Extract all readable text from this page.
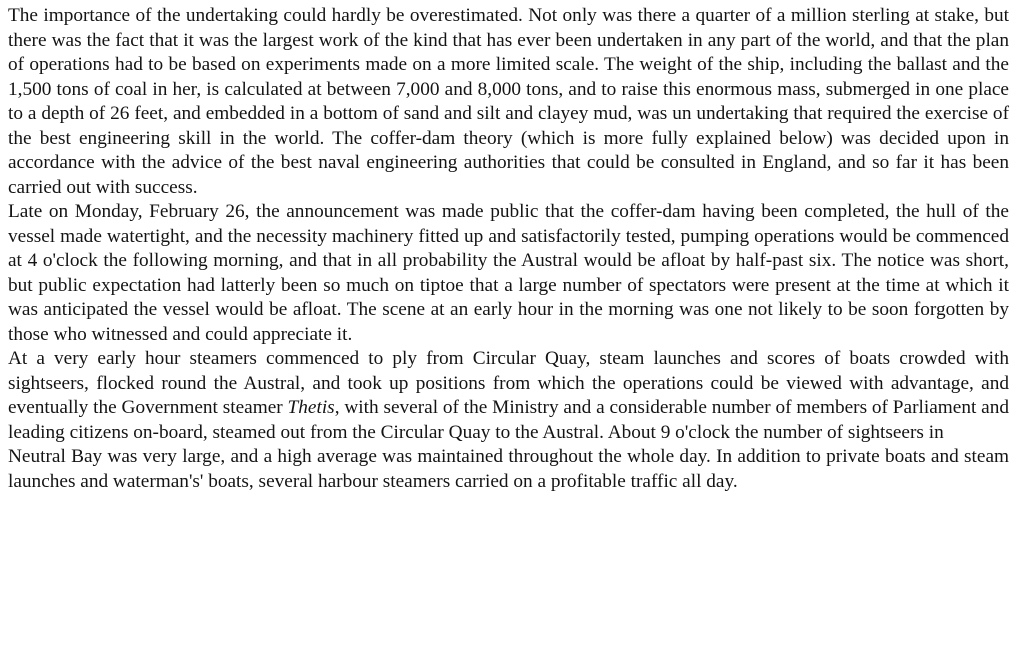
The importance of the undertaking could hardly be overestimated. Not only was there a quarter of a million sterling at stake, but there was the fact that it was the largest work of the kind that has ever been undertaken in any part of the world, and that the plan of operations had to be based on experiments made on a more limited scale. The weight of the ship, including the ballast and the 1,500 tons of coal in her, is calculated at between 7,000 and 8,000 tons, and to raise this enormous mass, submerged in one place to a depth of 26 feet, and embedded in a bottom of sand and silt and clayey mud, was un undertaking that required the exercise of the best engineering skill in the world. The coffer-dam theory (which is more fully explained below) was decided upon in accordance with the advice of the best naval engineering authorities that could be consulted in England, and so far it has been carried out with success.

Late on Monday, February 26, the announcement was made public that the coffer-dam having been completed, the hull of the vessel made watertight, and the necessity machinery fitted up and satisfactorily tested, pumping operations would be commenced at 4 o'clock the following morning, and that in all probability the Austral would be afloat by half-past six. The notice was short, but public expectation had latterly been so much on tiptoe that a large number of spectators were present at the time at which it was anticipated the vessel would be afloat. The scene at an early hour in the morning was one not likely to be soon forgotten by those who witnessed and could appreciate it.

At a very early hour steamers commenced to ply from Circular Quay, steam launches and scores of boats crowded with sightseers, flocked round the Austral, and took up positions from which the operations could be viewed with advantage, and eventually the Government steamer Thetis, with several of the Ministry and a considerable number of members of Parliament and leading citizens on-board, steamed out from the Circular Quay to the Austral. About 9 o'clock the number of sightseers in

Neutral Bay was very large, and a high average was maintained throughout the whole day. In addition to private boats and steam launches and waterman's' boats, several harbour steamers carried on a profitable traffic all day.
